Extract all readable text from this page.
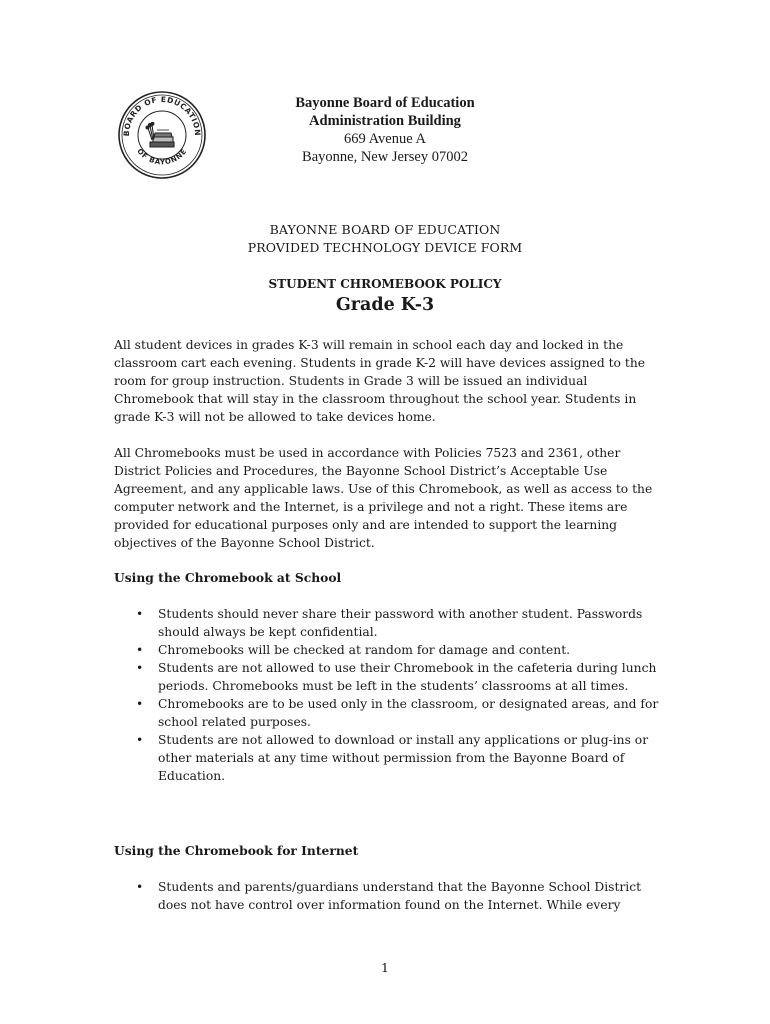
BOARD OF EDUCATION
OF BAYONNE
Bayonne Board of Education
Administration Building
669 Avenue A
Bayonne, New Jersey 07002
BAYONNE BOARD OF EDUCATION
PROVIDED TECHNOLOGY DEVICE FORM
STUDENT CHROMEBOOK POLICY
Grade K-3

All student devices in grades K-3 will remain in school each day and locked in the classroom cart each evening. Students in grade K-2 will have devices assigned to the room for group instruction. Students in Grade 3 will be issued an individual Chromebook that will stay in the classroom throughout the school year. Students in grade K-3 will not be allowed to take devices home.

All Chromebooks must be used in accordance with Policies 7523 and 2361, other District Policies and Procedures, the Bayonne School District’s Acceptable Use Agreement, and any applicable laws. Use of this Chromebook, as well as access to the computer network and the Internet, is a privilege and not a right. These items are provided for educational purposes only and are intended to support the learning objectives of the Bayonne School District.

Using the Chromebook at School
• Students should never share their password with another student. Passwords should always be kept confidential.
• Chromebooks will be checked at random for damage and content.
• Students are not allowed to use their Chromebook in the cafeteria during lunch periods. Chromebooks must be left in the students’ classrooms at all times.
• Chromebooks are to be used only in the classroom, or designated areas, and for school related purposes.
• Students are not allowed to download or install any applications or plug-ins or other materials at any time without permission from the Bayonne Board of Education.
Using the Chromebook for Internet
• Students and parents/guardians understand that the Bayonne School District does not have control over information found on the Internet. While every
1
